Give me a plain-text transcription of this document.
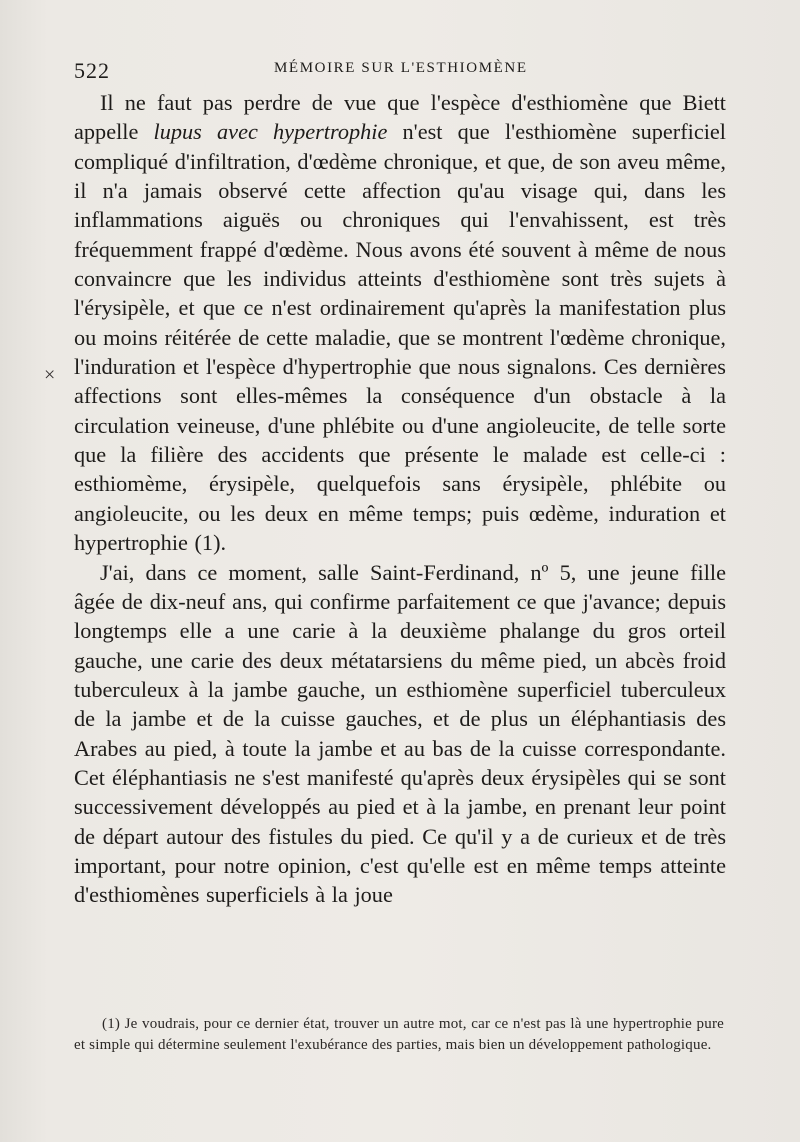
522	MÉMOIRE SUR L'ESTHIOMÈNE
×

Il ne faut pas perdre de vue que l'espèce d'esthiomène que Biett appelle lupus avec hypertrophie n'est que l'esthiomène superficiel compliqué d'infiltration, d'œdème chronique, et que, de son aveu même, il n'a jamais observé cette affection qu'au visage qui, dans les inflammations aiguës ou chroniques qui l'envahissent, est très fréquemment frappé d'œdème. Nous avons été souvent à même de nous convaincre que les individus atteints d'esthiomène sont très sujets à l'érysipèle, et que ce n'est ordinairement qu'après la manifestation plus ou moins réitérée de cette maladie, que se montrent l'œdème chronique, l'induration et l'espèce d'hypertrophie que nous signalons. Ces dernières affections sont elles-mêmes la conséquence d'un obstacle à la circulation veineuse, d'une phlébite ou d'une angioleucite, de telle sorte que la filière des accidents que présente le malade est celle-ci : esthiomème, érysipèle, quelquefois sans érysipèle, phlébite ou angioleucite, ou les deux en même temps; puis œdème, induration et hypertrophie (1).

J'ai, dans ce moment, salle Saint-Ferdinand, nº 5, une jeune fille âgée de dix-neuf ans, qui confirme parfaitement ce que j'avance; depuis longtemps elle a une carie à la deuxième phalange du gros orteil gauche, une carie des deux métatarsiens du même pied, un abcès froid tuberculeux à la jambe gauche, un esthiomène superficiel tuberculeux de la jambe et de la cuisse gauches, et de plus un éléphantiasis des Arabes au pied, à toute la jambe et au bas de la cuisse correspondante. Cet éléphantiasis ne s'est manifesté qu'après deux érysipèles qui se sont successivement développés au pied et à la jambe, en prenant leur point de départ autour des fistules du pied. Ce qu'il y a de curieux et de très important, pour notre opinion, c'est qu'elle est en même temps atteinte d'esthiomènes superficiels à la joue

(1) Je voudrais, pour ce dernier état, trouver un autre mot, car ce n'est pas là une hypertrophie pure et simple qui détermine seulement l'exubérance des parties, mais bien un développement pathologique.
